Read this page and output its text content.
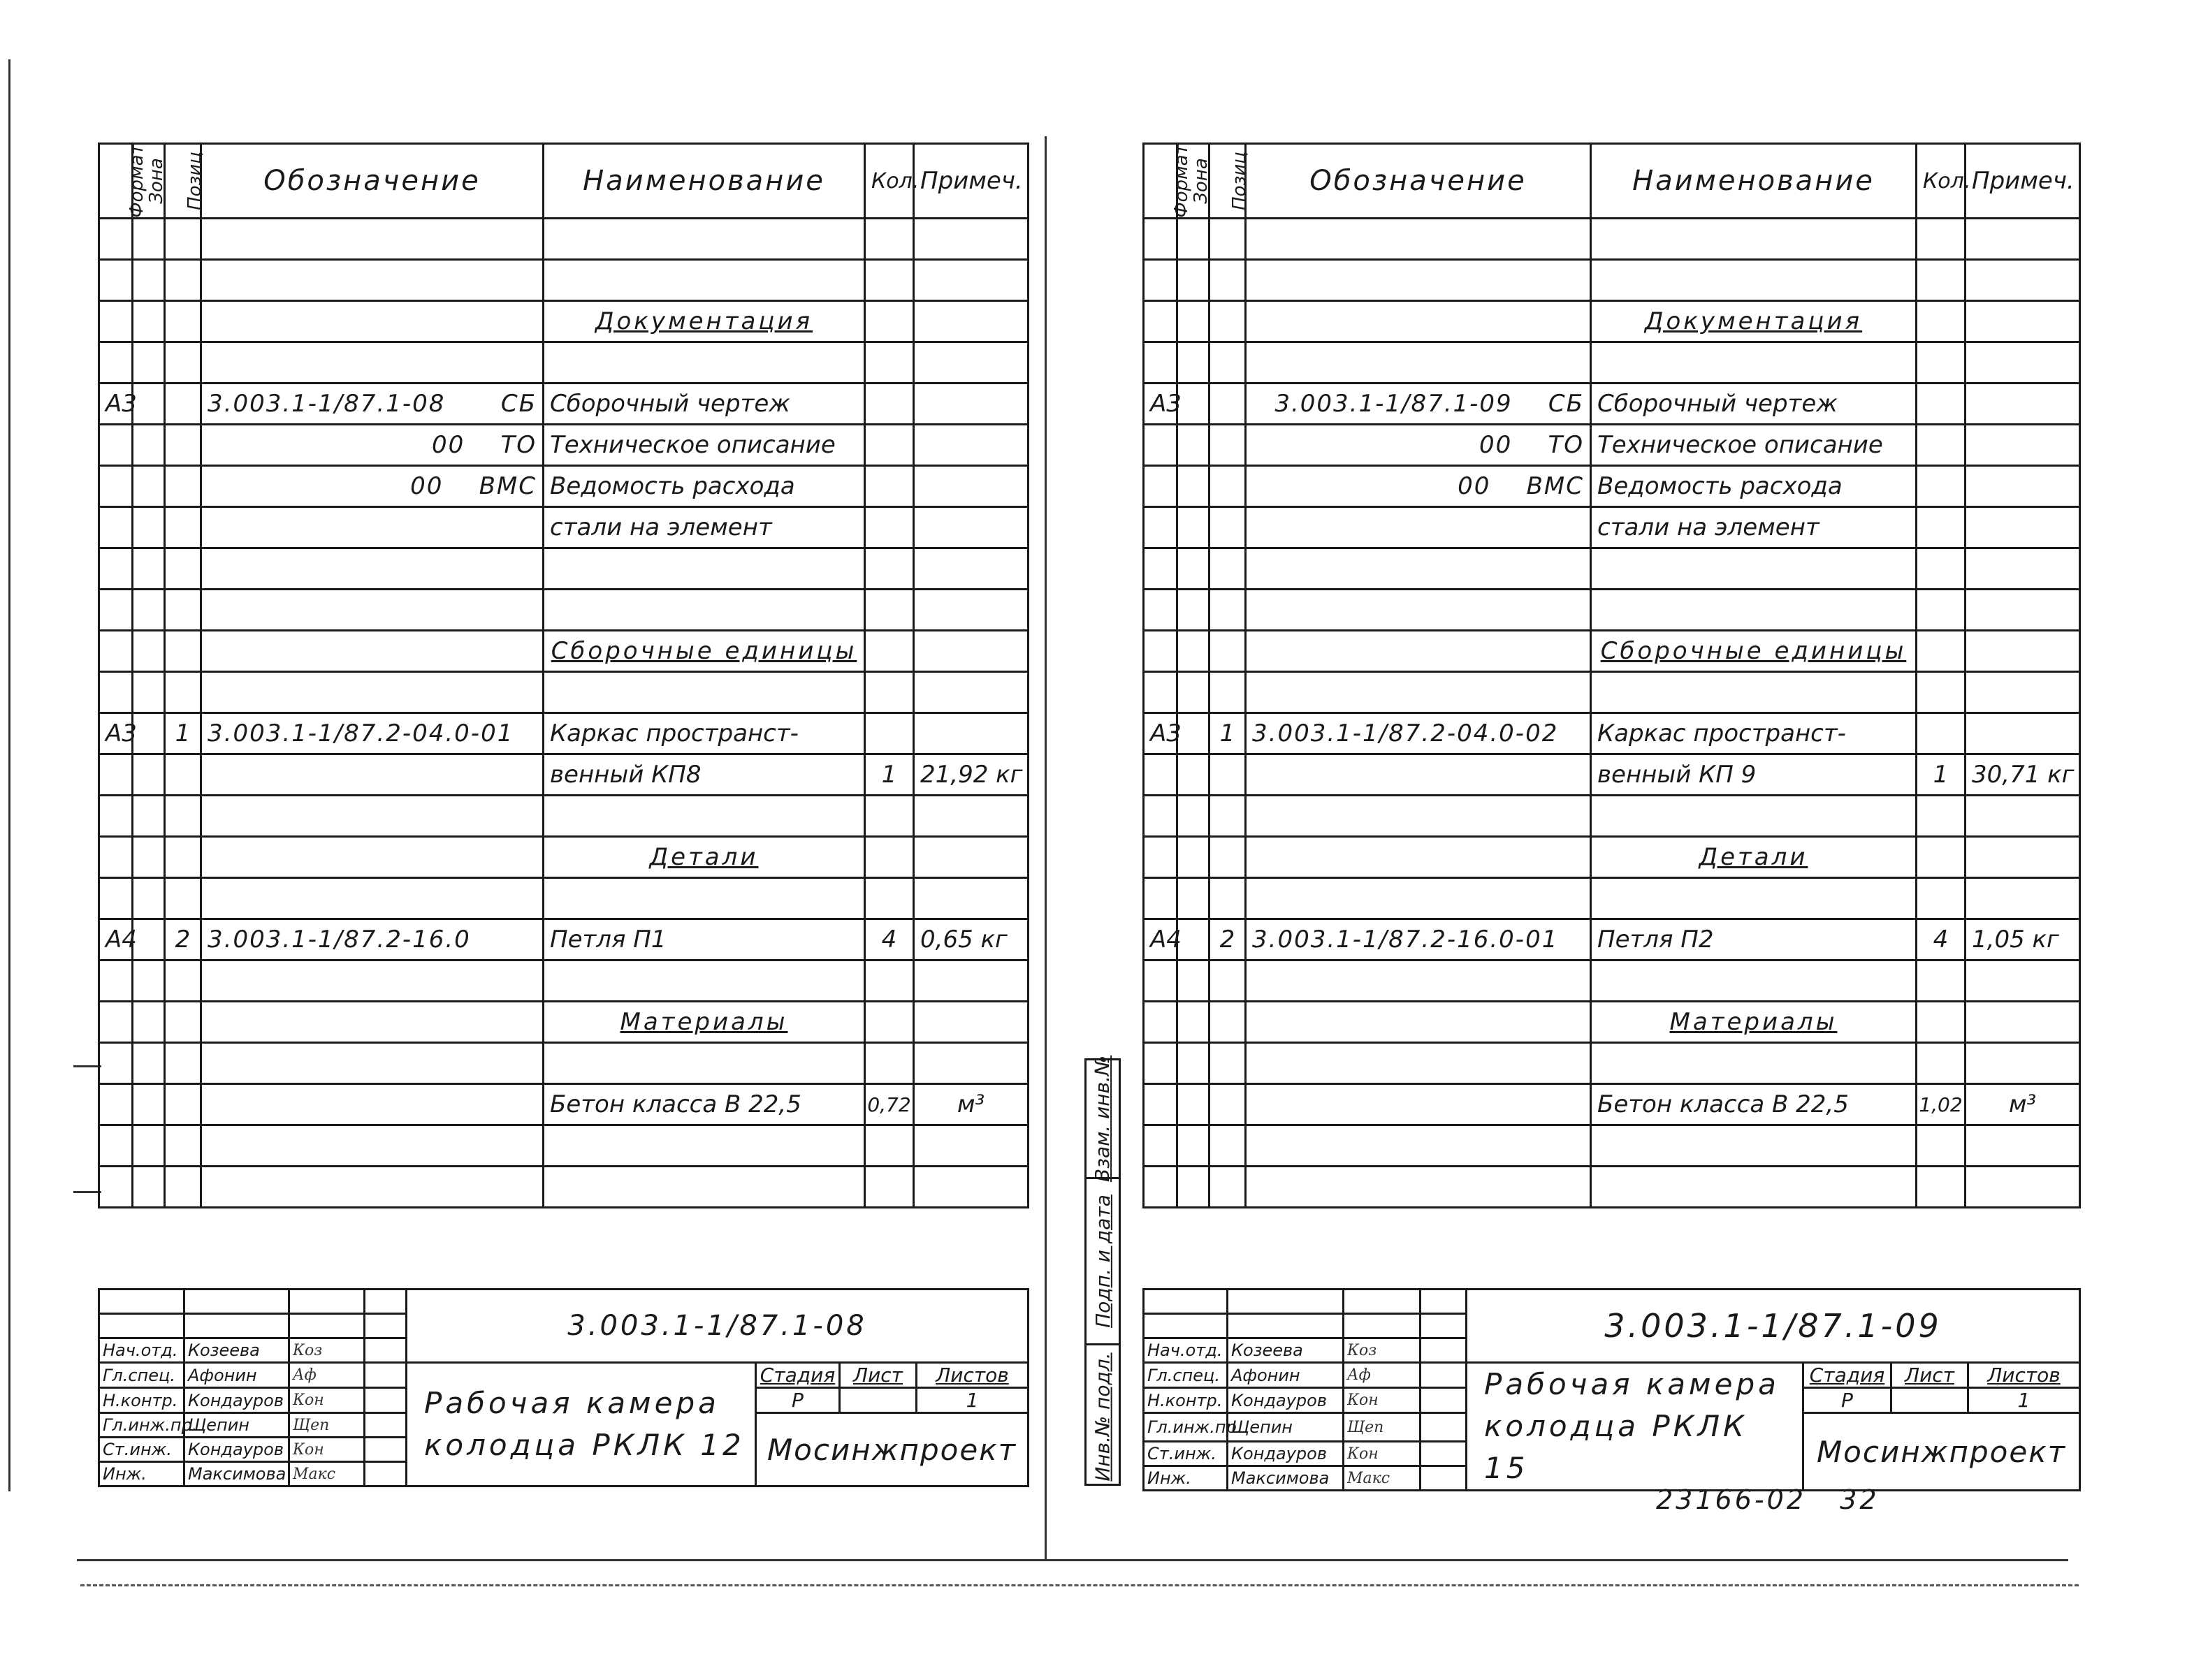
Инв.№ подл.
Подп. и дата
Взам. инв.№
Формат	Зона	Позиц	Обозначение	Наименование	Кол.	Примеч.

				Документация		

А3			3.003.1-1/87.1-08 СБ	Сборочный чертеж		
			00 ТО	Техническое описание		
			00 ВМС	Ведомость расхода		
				стали на элемент		

				Сборочные единицы		

А3		1	3.003.1-1/87.2-04.0-01	Каркас пространст-		
				венный КП8	1	21,92 кг

				Детали		

А4		2	3.003.1-1/87.2-16.0	Петля П1	4	0,65 кг

				Материалы		

				Бетон класса В 22,5	0,72	м³

				3.003.1-1/87.1-08			

Нач.отд.	Козеева	Коз					
Гл.спец.	Афонин	Аф		Рабочая камера колодца РКЛК 12	Стадия	Лист	Листов
Н.контр.	Кондауров	Кон			Р		1
Гл.инж.пр.	Щепин	Щеп			Мосинжпроект		
Ст.инж.	Кондауров	Кон					
Инж.	Максимова	Макс					
Формат	Зона	Позиц	Обозначение	Наименование	Кол.	Примеч.

				Документация		

А3			3.003.1-1/87.1-09 СБ	Сборочный чертеж		
			00 ТО	Техническое описание		
			00 ВМС	Ведомость расхода		
				стали на элемент		

				Сборочные единицы		

А3		1	3.003.1-1/87.2-04.0-02	Каркас пространст-		
				венный КП 9	1	30,71 кг

				Детали		

А4		2	3.003.1-1/87.2-16.0-01	Петля П2	4	1,05 кг

				Материалы		

				Бетон класса В 22,5	1,02	м³

				3.003.1-1/87.1-09			

Нач.отд.	Козеева	Коз					
Гл.спец.	Афонин	Аф		Рабочая камера колодца РКЛК 15	Стадия	Лист	Листов
Н.контр.	Кондауров	Кон			Р		1
Гл.инж.пр.	Щепин	Щеп			Мосинжпроект		
Ст.инж.	Кондауров	Кон					
Инж.	Максимова	Макс					
23166-02 32
